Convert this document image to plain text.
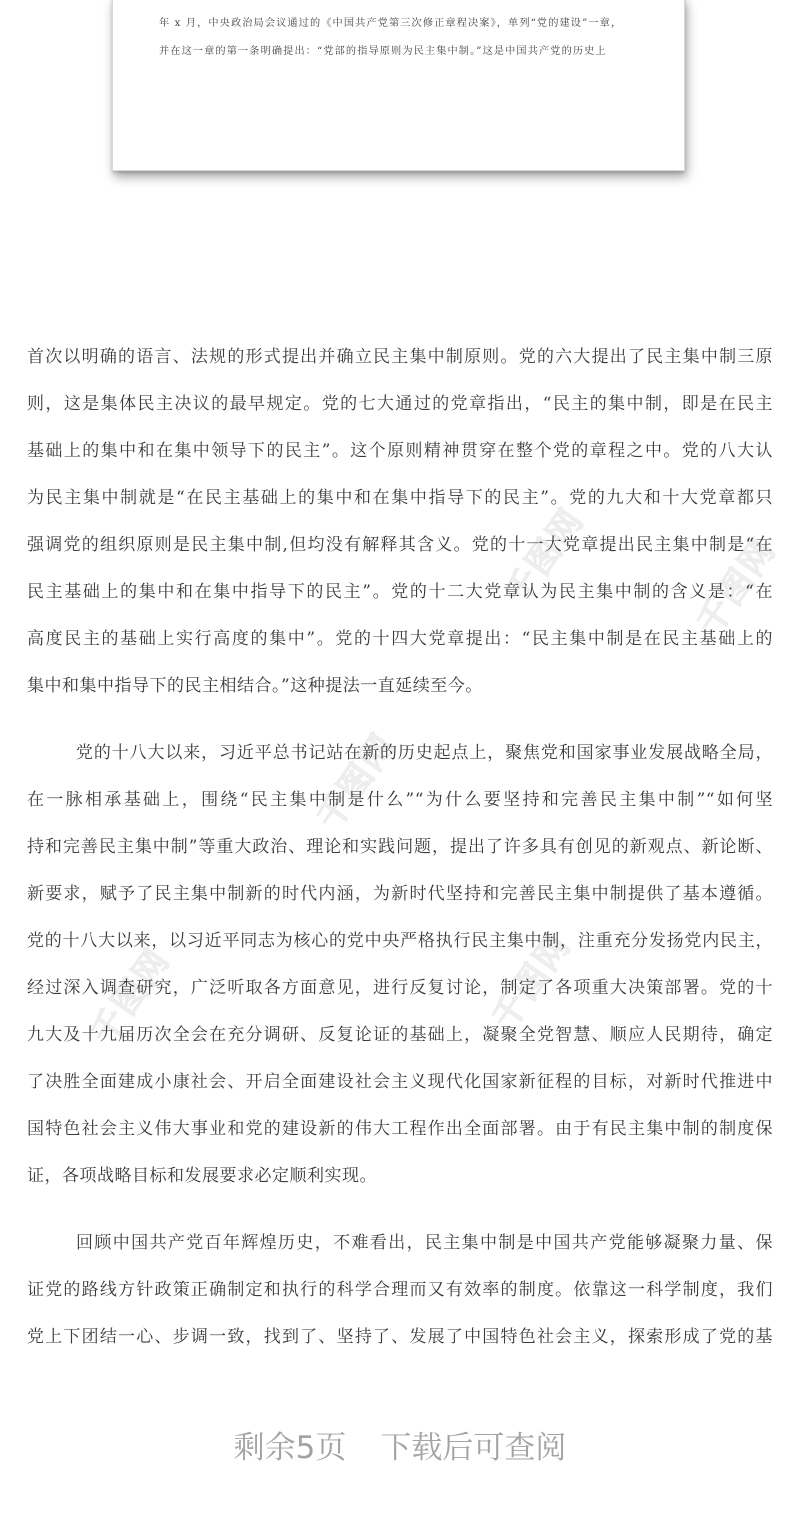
年 x 月，中央政治局会议通过的《中国共产党第三次修正章程决案》，单列“党的建设”一章，
并在这一章的第一条明确提出：“党部的指导原则为民主集中制。”这是中国共产党的历史上
千图网
千图网
千图网	千图网
千图网
首次以明确的语言、法规的形式提出并确立民主集中制原则。党的六大提出了民主集中制三原
则，这是集体民主决议的最早规定。党的七大通过的党章指出，“民主的集中制，即是在民主
基础上的集中和在集中领导下的民主”。这个原则精神贯穿在整个党的章程之中。党的八大认
为民主集中制就是“在民主基础上的集中和在集中指导下的民主”。党的九大和十大党章都只
强调党的组织原则是民主集中制,但均没有解释其含义。党的十一大党章提出民主集中制是“在
民主基础上的集中和在集中指导下的民主”。党的十二大党章认为民主集中制的含义是：“在
高度民主的基础上实行高度的集中”。党的十四大党章提出：“民主集中制是在民主基础上的
集中和集中指导下的民主相结合。”这种提法一直延续至今。
党的十八大以来，习近平总书记站在新的历史起点上，聚焦党和国家事业发展战略全局，
在一脉相承基础上，围绕“民主集中制是什么”“为什么要坚持和完善民主集中制”“如何坚
持和完善民主集中制”等重大政治、理论和实践问题，提出了许多具有创见的新观点、新论断、
新要求，赋予了民主集中制新的时代内涵，为新时代坚持和完善民主集中制提供了基本遵循。
党的十八大以来，以习近平同志为核心的党中央严格执行民主集中制，注重充分发扬党内民主，
经过深入调查研究，广泛听取各方面意见，进行反复讨论，制定了各项重大决策部署。党的十
九大及十九届历次全会在充分调研、反复论证的基础上，凝聚全党智慧、顺应人民期待，确定
了决胜全面建成小康社会、开启全面建设社会主义现代化国家新征程的目标，对新时代推进中
国特色社会主义伟大事业和党的建设新的伟大工程作出全面部署。由于有民主集中制的制度保
证，各项战略目标和发展要求必定顺利实现。
回顾中国共产党百年辉煌历史，不难看出，民主集中制是中国共产党能够凝聚力量、保
证党的路线方针政策正确制定和执行的科学合理而又有效率的制度。依靠这一科学制度，我们
党上下团结一心、步调一致，找到了、坚持了、发展了中国特色社会主义，探索形成了党的基
剩余5页 下载后可查阅
